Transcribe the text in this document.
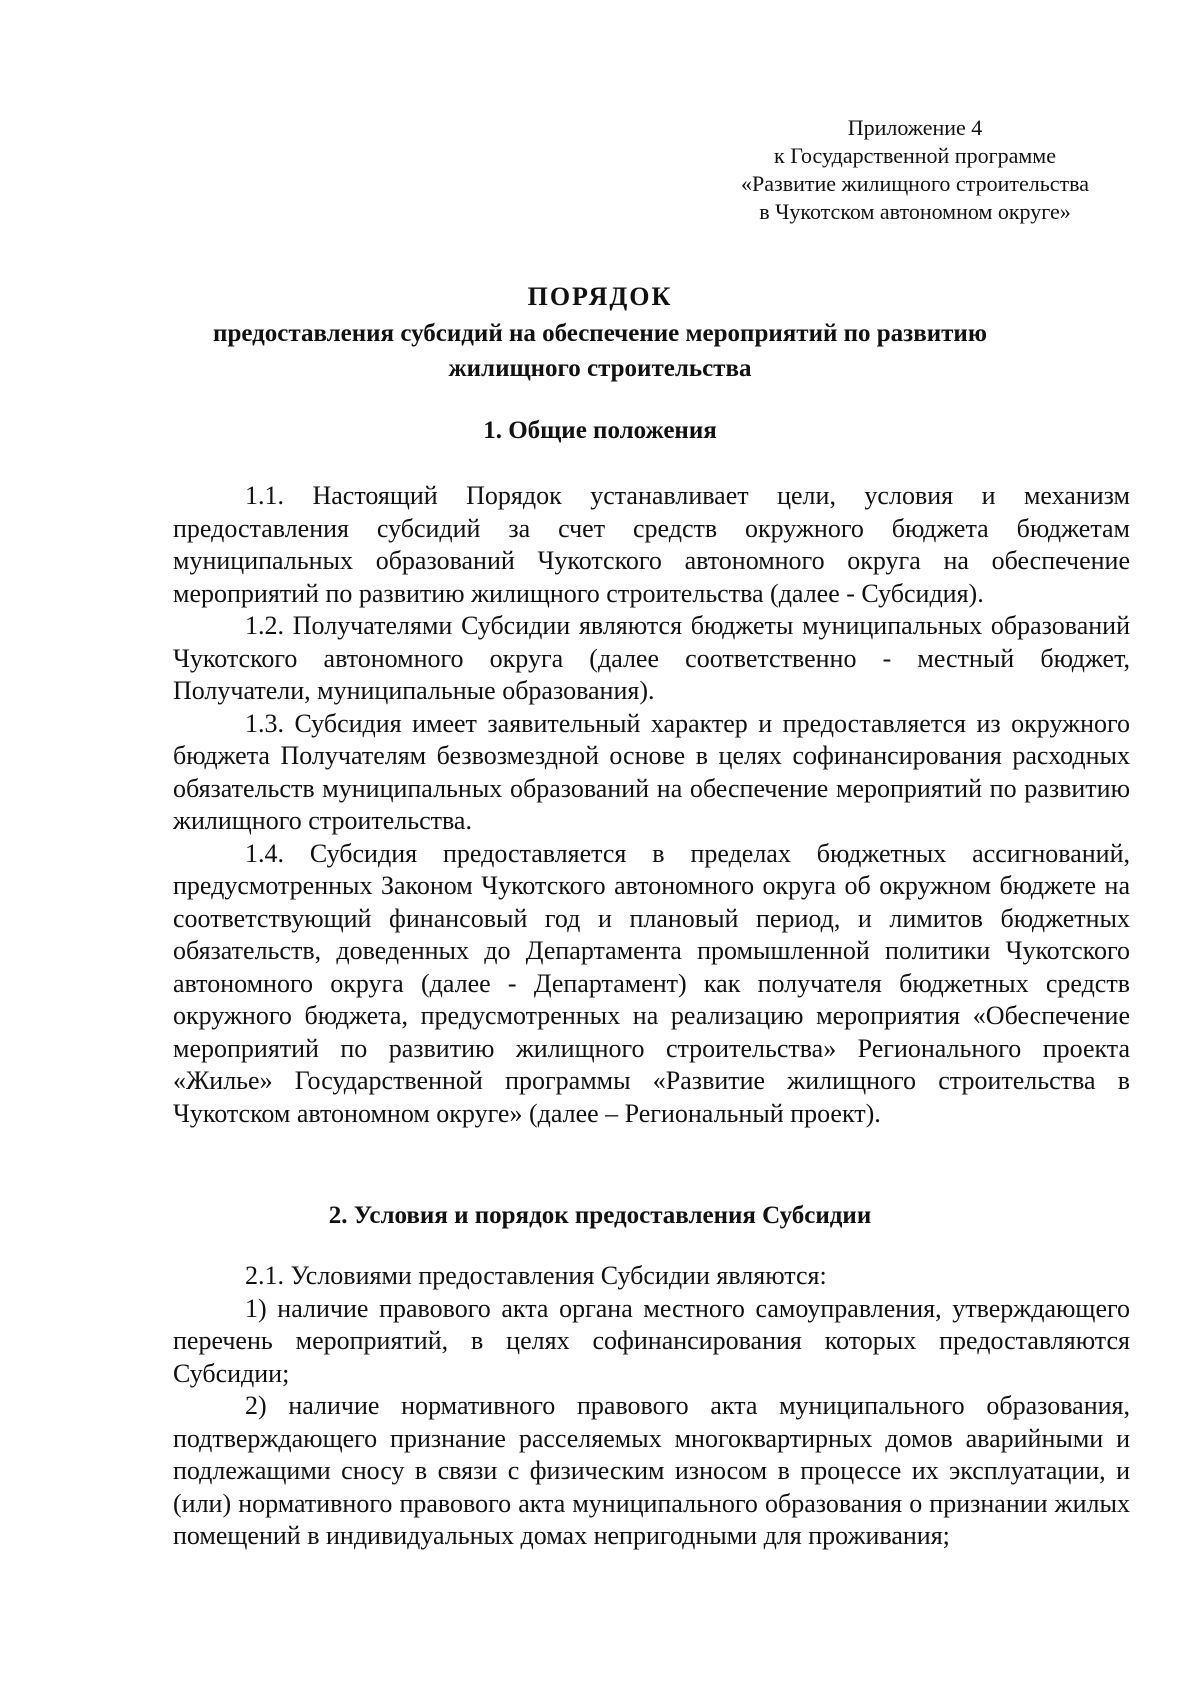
Приложение 4
к Государственной программе
«Развитие жилищного строительства
в Чукотском автономном округе»
ПОРЯДОК
предоставления субсидий на обеспечение мероприятий по развитию
жилищного строительства
1. Общие положения

1.1. Настоящий Порядок устанавливает цели, условия и механизм предоставления субсидий за счет средств окружного бюджета бюджетам муниципальных образований Чукотского автономного округа на обеспечение мероприятий по развитию жилищного строительства (далее - Субсидия).

1.2. Получателями Субсидии являются бюджеты муниципальных образований Чукотского автономного округа (далее соответственно - местный бюджет, Получатели, муниципальные образования).

1.3. Субсидия имеет заявительный характер и предоставляется из окружного бюджета Получателям безвозмездной основе в целях софинансирования расходных обязательств муниципальных образований на обеспечение мероприятий по развитию жилищного строительства.

1.4. Субсидия предоставляется в пределах бюджетных ассигнований, предусмотренных Законом Чукотского автономного округа об окружном бюджете на соответствующий финансовый год и плановый период, и лимитов бюджетных обязательств, доведенных до Департамента промышленной политики Чукотского автономного округа (далее - Департамент) как получателя бюджетных средств окружного бюджета, предусмотренных на реализацию мероприятия «Обеспечение мероприятий по развитию жилищного строительства» Регионального проекта «Жилье» Государственной программы «Развитие жилищного строительства в Чукотском автономном округе» (далее – Региональный проект).

2. Условия и порядок предоставления Субсидии

2.1. Условиями предоставления Субсидии являются:

1) наличие правового акта органа местного самоуправления, утверждающего перечень мероприятий, в целях софинансирования которых предоставляются Субсидии;

2) наличие нормативного правового акта муниципального образования, подтверждающего признание расселяемых многоквартирных домов аварийными и подлежащими сносу в связи с физическим износом в процессе их эксплуатации, и (или) нормативного правового акта муниципального образования о признании жилых помещений в индивидуальных домах непригодными для проживания;
